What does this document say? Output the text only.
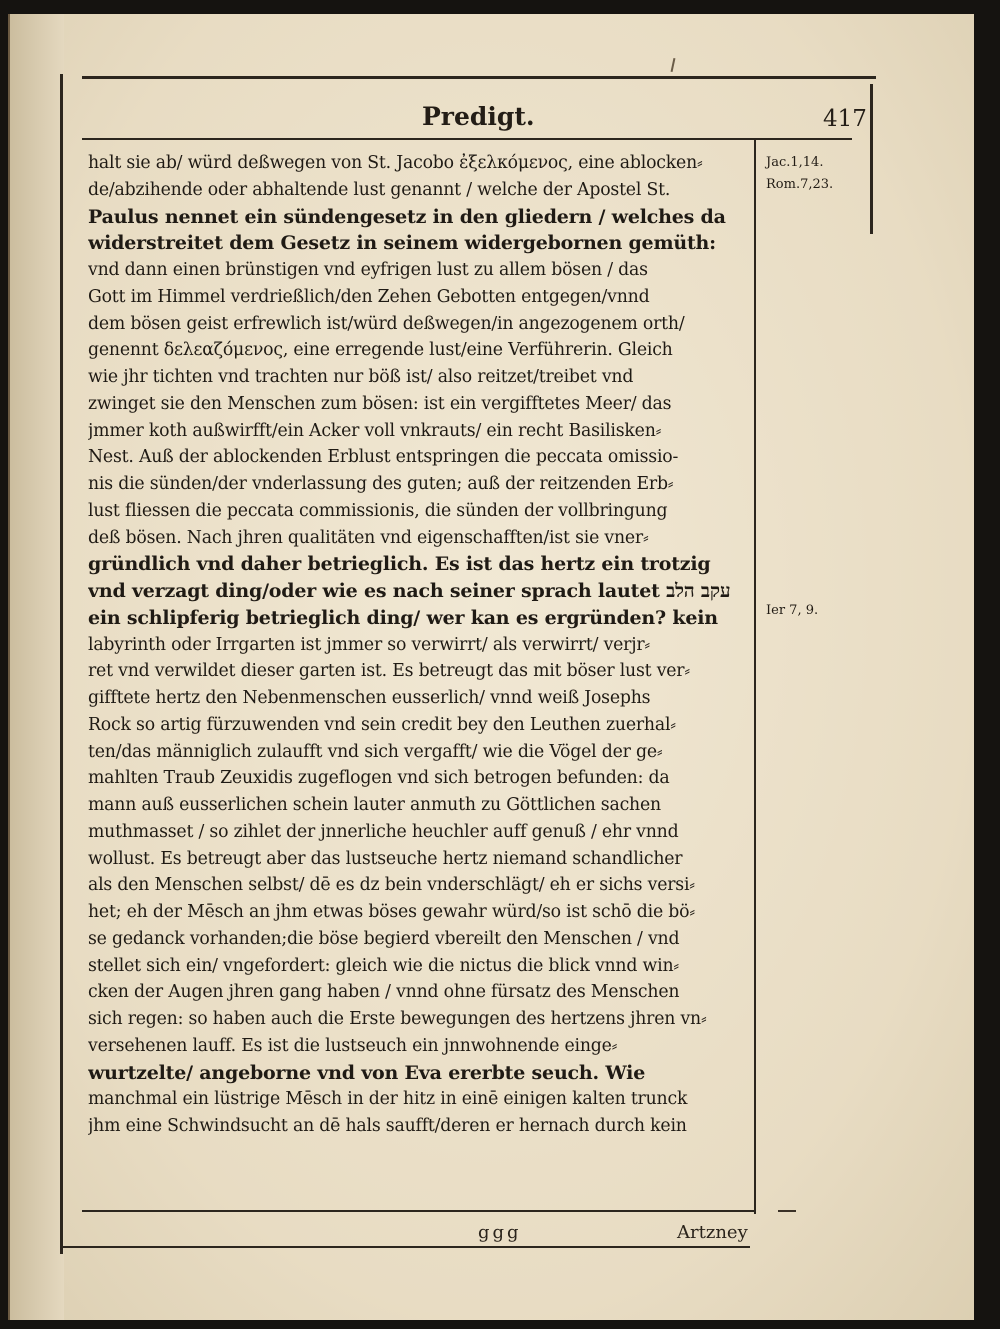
Predigt.	417
halt sie ab/ würd deßwegen von St. Jacobo ἐξελκόμενος, eine ablocken⸗
de/abzihende oder abhaltende lust genannt / welche der Apostel St.
Paulus nennet ein sündengesetz in den gliedern / welches da
widerstreitet dem Gesetz in seinem widergebornen gemüth:
vnd dann einen brünstigen vnd eyfrigen lust zu allem bösen / das
Gott im Himmel verdrießlich/den Zehen Gebotten entgegen/vnnd
dem bösen geist erfrewlich ist/würd deßwegen/in angezogenem orth/
genennt δελεαζόμενος, eine erregende lust/eine Verführerin. Gleich
wie jhr tichten vnd trachten nur böß ist/ also reitzet/treibet vnd
zwinget sie den Menschen zum bösen: ist ein vergifftetes Meer/ das
jmmer koth außwirfft/ein Acker voll vnkrauts/ ein recht Basilisken⸗
Nest. Auß der ablockenden Erblust entspringen die peccata omissio-
nis die sünden/der vnderlassung des guten; auß der reitzenden Erb⸗
lust fliessen die peccata commissionis, die sünden der vollbringung
deß bösen. Nach jhren qualitäten vnd eigenschafften/ist sie vner⸗
gründlich vnd daher betrieglich. Es ist das hertz ein trotzig
vnd verzagt ding/oder wie es nach seiner sprach lautet עקב הלב
ein schlipferig betrieglich ding/ wer kan es ergründen? kein
labyrinth oder Irrgarten ist jmmer so verwirrt/ als verwirrt/ verjr⸗
ret vnd verwildet dieser garten ist. Es betreugt das mit böser lust ver⸗
gifftete hertz den Nebenmenschen eusserlich/ vnnd weiß Josephs
Rock so artig fürzuwenden vnd sein credit bey den Leuthen zuerhal⸗
ten/das männiglich zulaufft vnd sich vergafft/ wie die Vögel der ge⸗
mahlten Traub Zeuxidis zugeflogen vnd sich betrogen befunden: da
mann auß eusserlichen schein lauter anmuth zu Göttlichen sachen
muthmasset / so zihlet der jnnerliche heuchler auff genuß / ehr vnnd
wollust. Es betreugt aber das lustseuche hertz niemand schandlicher
als den Menschen selbst/ dē es dz bein vnderschlägt/ eh er sichs versi⸗
het; eh der Mēsch an jhm etwas böses gewahr würd/so ist schō die bö⸗
se gedanck vorhanden;die böse begierd vbereilt den Menschen / vnd
stellet sich ein/ vngefordert: gleich wie die nictus die blick vnnd win⸗
cken der Augen jhren gang haben / vnnd ohne fürsatz des Menschen
sich regen: so haben auch die Erste bewegungen des hertzens jhren vn⸗
versehenen lauff. Es ist die lustseuch ein jnnwohnende einge⸗
wurtzelte/ angeborne vnd von Eva ererbte seuch. Wie
manchmal ein lüstrige Mēsch in der hitz in einē einigen kalten trunck
jhm eine Schwindsucht an dē hals saufft/deren er hernach durch kein
Jac.1,14.
Rom.7,23.
Ier 7, 9.
ggg	Artzney
